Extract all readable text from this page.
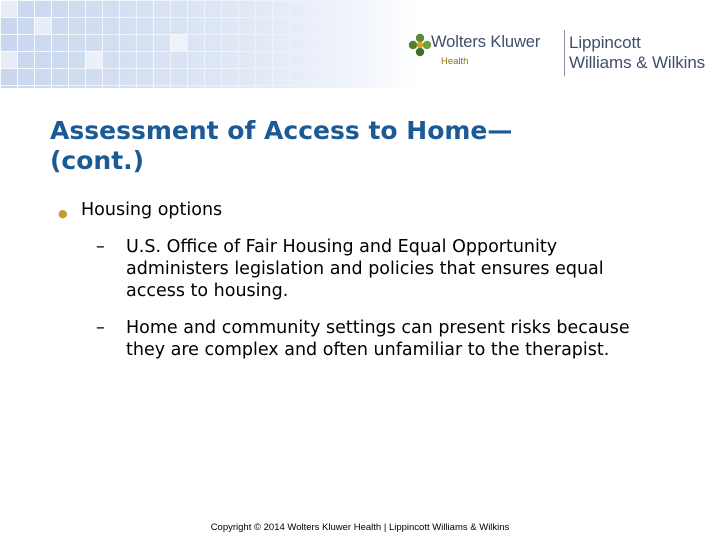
Wolters Kluwer
Health
Lippincott
Williams & Wilkins
Assessment of Access to Home—
(cont.)
● Housing options
– U.S. Office of Fair Housing and Equal Opportunity administers legislation and policies that ensures equal access to housing.
– Home and community settings can present risks because they are complex and often unfamiliar to the therapist.
Copyright © 2014 Wolters Kluwer Health | Lippincott Williams & Wilkins
